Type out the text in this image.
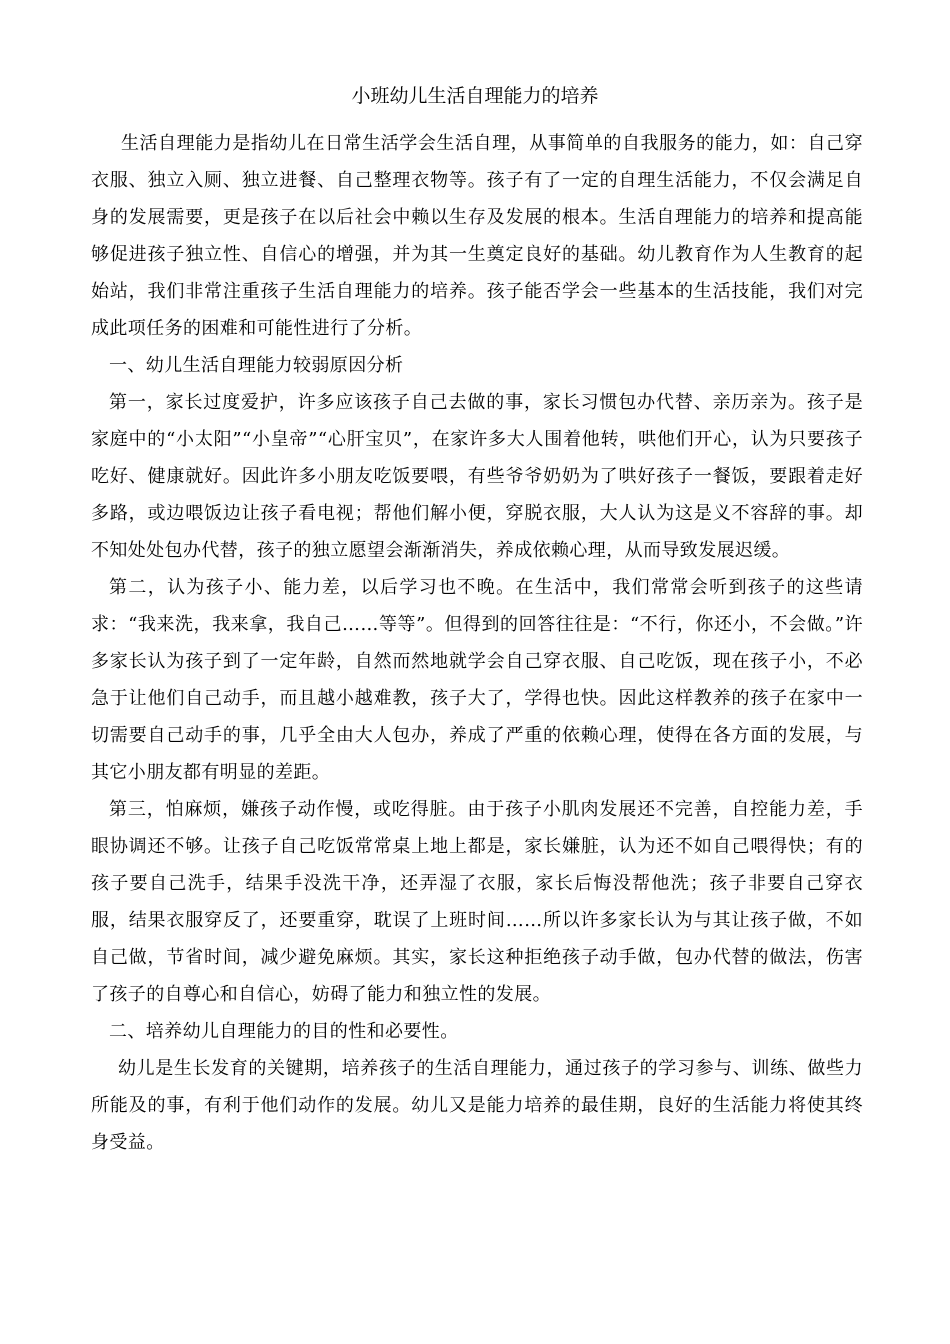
小班幼儿生活自理能力的培养

生活自理能力是指幼儿在日常生活学会生活自理，从事简单的自我服务的能力，如：自己穿衣服、独立入厕、独立进餐、自己整理衣物等。孩子有了一定的自理生活能力，不仅会满足自身的发展需要，更是孩子在以后社会中赖以生存及发展的根本。生活自理能力的培养和提高能够促进孩子独立性、自信心的增强，并为其一生奠定良好的基础。幼儿教育作为人生教育的起始站，我们非常注重孩子生活自理能力的培养。孩子能否学会一些基本的生活技能，我们对完成此项任务的困难和可能性进行了分析。

一、幼儿生活自理能力较弱原因分析

第一，家长过度爱护，许多应该孩子自己去做的事，家长习惯包办代替、亲历亲为。孩子是家庭中的“小太阳”“小皇帝”“心肝宝贝”，在家许多大人围着他转，哄他们开心，认为只要孩子吃好、健康就好。因此许多小朋友吃饭要喂，有些爷爷奶奶为了哄好孩子一餐饭，要跟着走好多路，或边喂饭边让孩子看电视；帮他们解小便，穿脱衣服，大人认为这是义不容辞的事。却不知处处包办代替，孩子的独立愿望会渐渐消失，养成依赖心理，从而导致发展迟缓。

第二，认为孩子小、能力差，以后学习也不晚。在生活中，我们常常会听到孩子的这些请求：“我来洗，我来拿，我自己……等等”。但得到的回答往往是：“不行，你还小，不会做。”许多家长认为孩子到了一定年龄，自然而然地就学会自己穿衣服、自己吃饭，现在孩子小，不必急于让他们自己动手，而且越小越难教，孩子大了，学得也快。因此这样教养的孩子在家中一切需要自己动手的事，几乎全由大人包办，养成了严重的依赖心理，使得在各方面的发展，与其它小朋友都有明显的差距。

第三，怕麻烦，嫌孩子动作慢，或吃得脏。由于孩子小肌肉发展还不完善，自控能力差，手眼协调还不够。让孩子自己吃饭常常桌上地上都是，家长嫌脏，认为还不如自己喂得快；有的孩子要自己洗手，结果手没洗干净，还弄湿了衣服，家长后悔没帮他洗；孩子非要自己穿衣服，结果衣服穿反了，还要重穿，耽误了上班时间……所以许多家长认为与其让孩子做，不如自己做，节省时间，减少避免麻烦。其实，家长这种拒绝孩子动手做，包办代替的做法，伤害了孩子的自尊心和自信心，妨碍了能力和独立性的发展。

二、培养幼儿自理能力的目的性和必要性。

幼儿是生长发育的关键期，培养孩子的生活自理能力，通过孩子的学习参与、训练、做些力所能及的事，有利于他们动作的发展。幼儿又是能力培养的最佳期，良好的生活能力将使其终身受益。
